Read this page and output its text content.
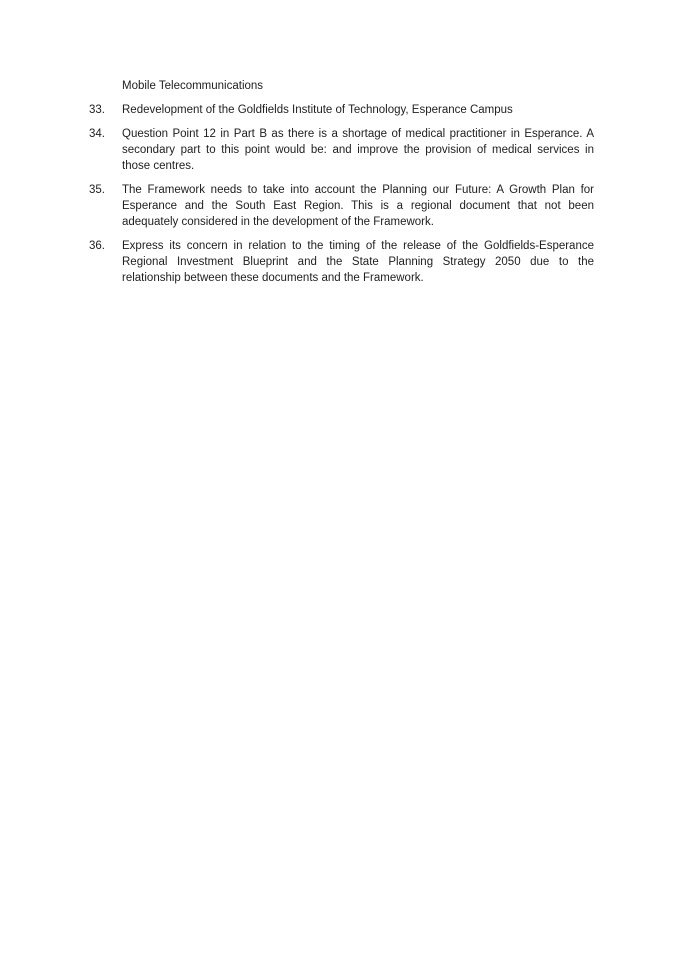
Mobile Telecommunications

33.	Redevelopment of the Goldfields Institute of Technology, Esperance Campus
34.	Question Point 12 in Part B as there is a shortage of medical practitioner in Esperance. A
secondary part to this point would be: and improve the provision of medical services in
those centres.
35.	The Framework needs to take into account the Planning our Future: A Growth Plan for
Esperance and the South East Region. This is a regional document that not been
adequately considered in the development of the Framework.
36.	Express its concern in relation to the timing of the release of the Goldfields-Esperance
Regional Investment Blueprint and the State Planning Strategy 2050 due to the
relationship between these documents and the Framework.
